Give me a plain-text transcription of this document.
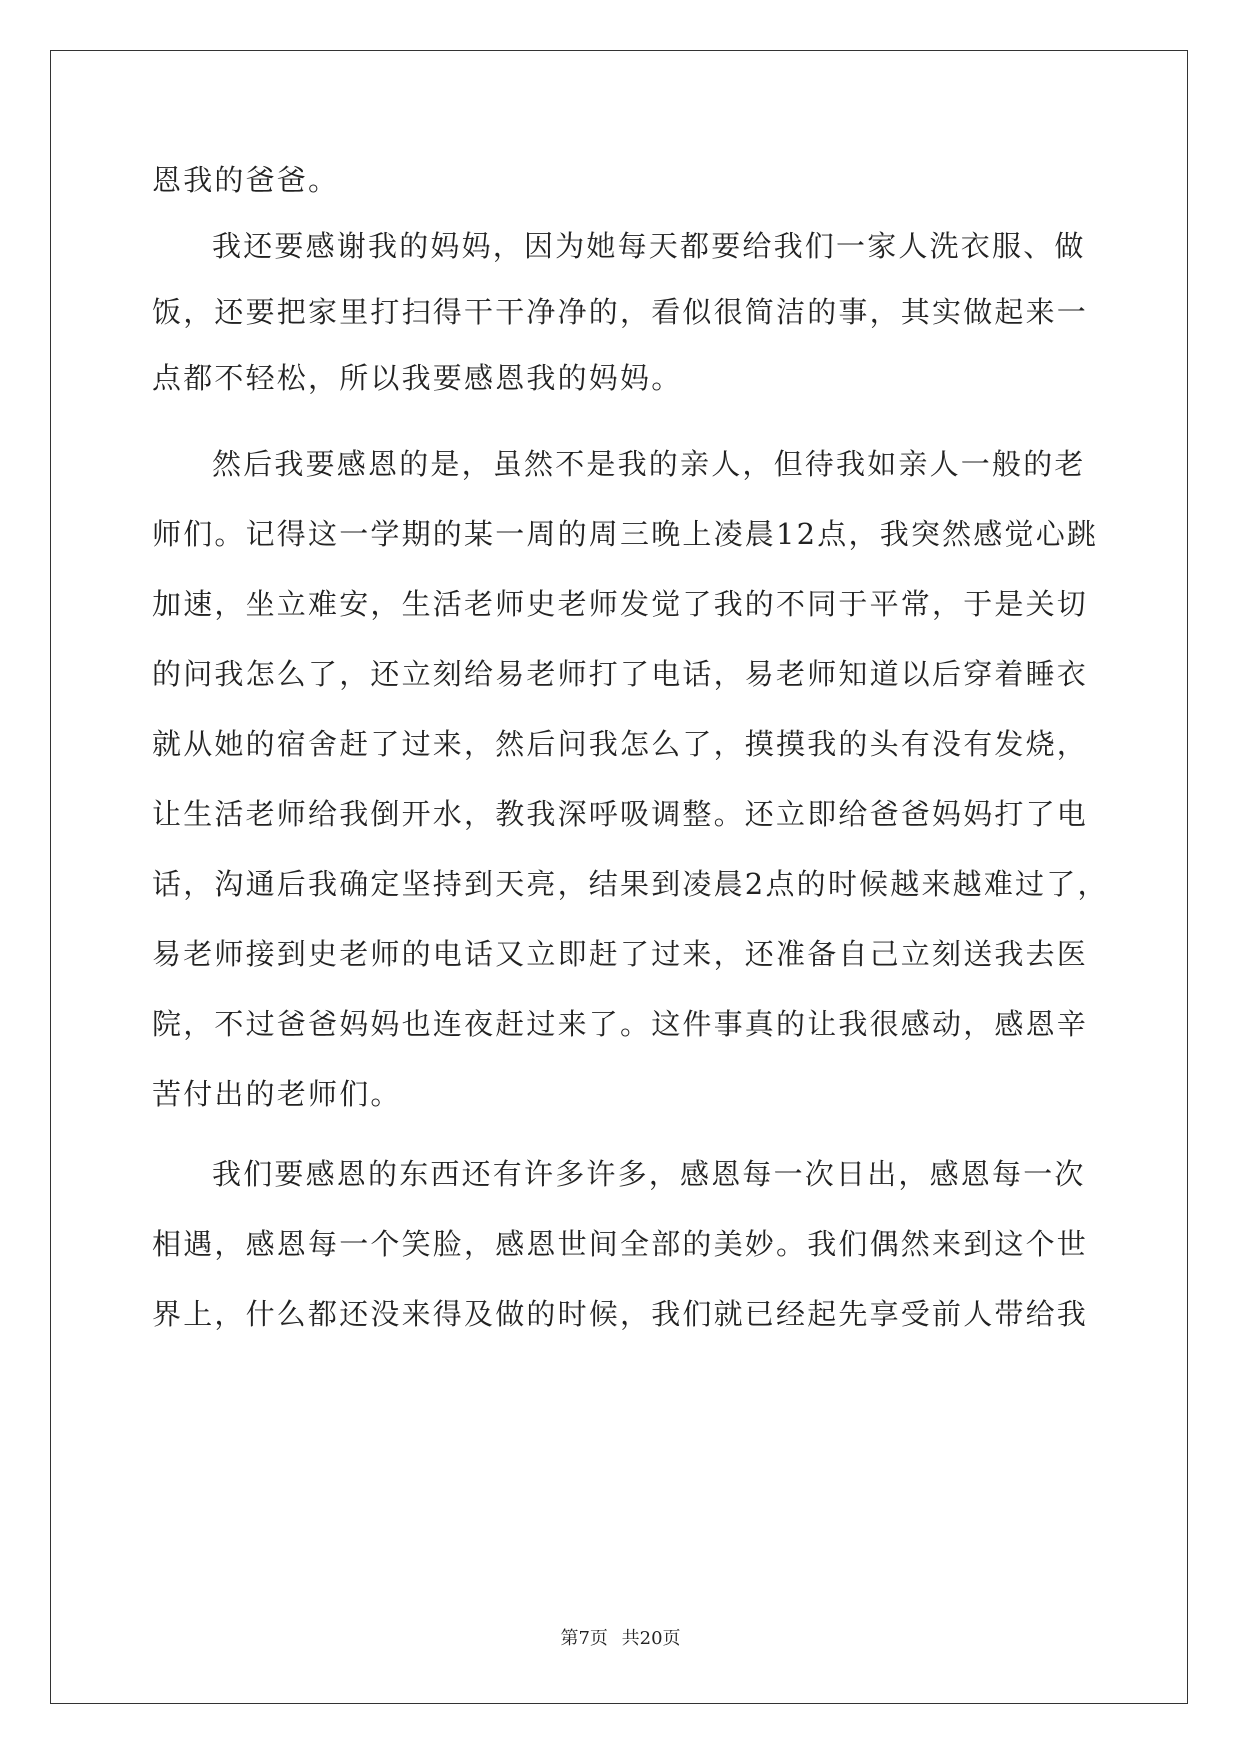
恩我的爸爸。
我还要感谢我的妈妈，因为她每天都要给我们一家人洗衣服、做
饭，还要把家里打扫得干干净净的，看似很简洁的事，其实做起来一
点都不轻松，所以我要感恩我的妈妈。
然后我要感恩的是，虽然不是我的亲人，但待我如亲人一般的老
师们。记得这一学期的某一周的周三晚上凌晨12点，我突然感觉心跳
加速，坐立难安，生活老师史老师发觉了我的不同于平常，于是关切
的问我怎么了，还立刻给易老师打了电话，易老师知道以后穿着睡衣
就从她的宿舍赶了过来，然后问我怎么了，摸摸我的头有没有发烧，
让生活老师给我倒开水，教我深呼吸调整。还立即给爸爸妈妈打了电
话，沟通后我确定坚持到天亮，结果到凌晨2点的时候越来越难过了，
易老师接到史老师的电话又立即赶了过来，还准备自己立刻送我去医
院，不过爸爸妈妈也连夜赶过来了。这件事真的让我很感动，感恩辛
苦付出的老师们。
我们要感恩的东西还有许多许多，感恩每一次日出，感恩每一次
相遇，感恩每一个笑脸，感恩世间全部的美妙。我们偶然来到这个世
界上，什么都还没来得及做的时候，我们就已经起先享受前人带给我
第7页 共20页
